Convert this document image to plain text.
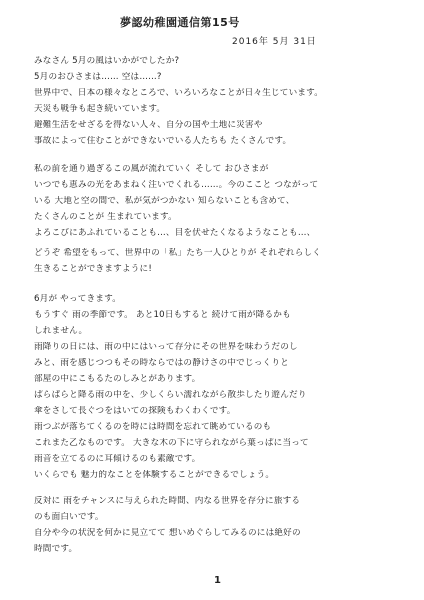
夢認幼稚園通信第15号
2016年 5月 31日
みなさん 5月の風はいかがでしたか?
5月のおひさまは…… 空は……?
世界中で、日本の様々なところで、いろいろなことが日々生じています。
天災も戦争も起き続いています。
避難生活をせざるを得ない人々、自分の国や土地に災害や
事故によって住むことができないでいる人たちも たくさんです。
私の前を通り過ぎるこの風が流れていく そして おひさまが
いつでも恵みの光をあまねく注いでくれる……。今のここと つながって
いる 大地と空の間で、私が気がつかない 知らないことも含めて、
たくさんのことが 生まれています。
よろこびにあふれていることも…、目を伏せたくなるようなことも…、
どうぞ 希望をもって、世界中の「私」たち一人ひとりが それぞれらしく
生きることができますように!
6月が やってきます。
もうすぐ 雨の季節です。 あと10日もすると 続けて雨が降るかも
しれません。
雨降りの日には、雨の中にはいって存分にその世界を味わうだのし
みと、雨を感じつつもその時ならではの静けさの中でじっくりと
部屋の中にこもるたのしみとがあります。
ぱらぱらと降る雨の中を、少しくらい濡れながら散歩したり遊んだり
傘をさして長ぐつをはいての探険もわくわくです。
雨つぶが落ちてくるのを時には時間を忘れて眺めているのも
これまた乙なものです。 大きな木の下に守られながら葉っぱに当って
雨音を立てるのに耳傾けるのも素敵です。
いくらでも 魅力的なことを体験することができるでしょう。
反対に 雨をチャンスに与えられた時間、内なる世界を存分に旅する
のも面白いです。
自分や今の状況を何かに見立てて 想いめぐらしてみるのには絶好の
時間です。
1
